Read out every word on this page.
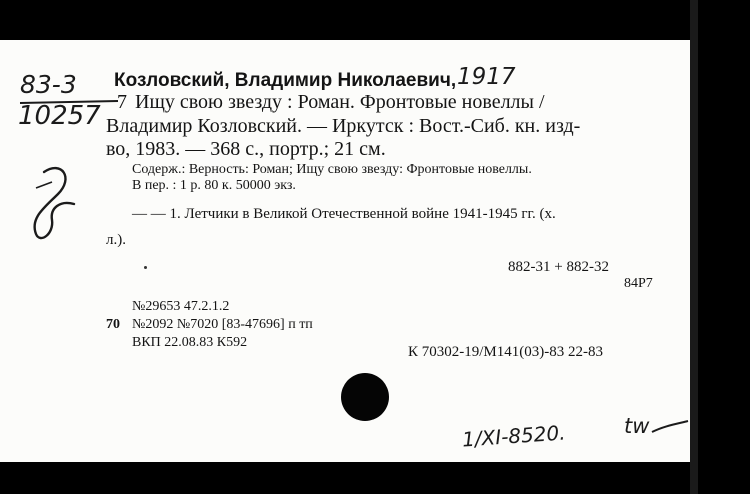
83-3
10257
Козловский, Владимир Николаевич, 1917
7 Ищу свою звезду : Роман. Фронтовые новеллы /
Владимир Козловский. — Иркутск : Вост.-Сиб. кн. изд-
во, 1983. — 368 с., портр.; 21 см.
Содерж.: Верность: Роман; Ищу свою звезду: Фронтовые новеллы.
В пер. : 1 р. 80 к. 50000 экз.
— — 1. Летчики в Великой Отечественной войне 1941-1945 гг. (х.
л.).
882-31 + 882-32
84Р7
№29653 47.2.1.2
70 №2092 №7020 [83-47696] п тп
ВКП 22.08.83 К592
К 70302-19/М141(03)-83 22-83
1/XI-8520.	tw
